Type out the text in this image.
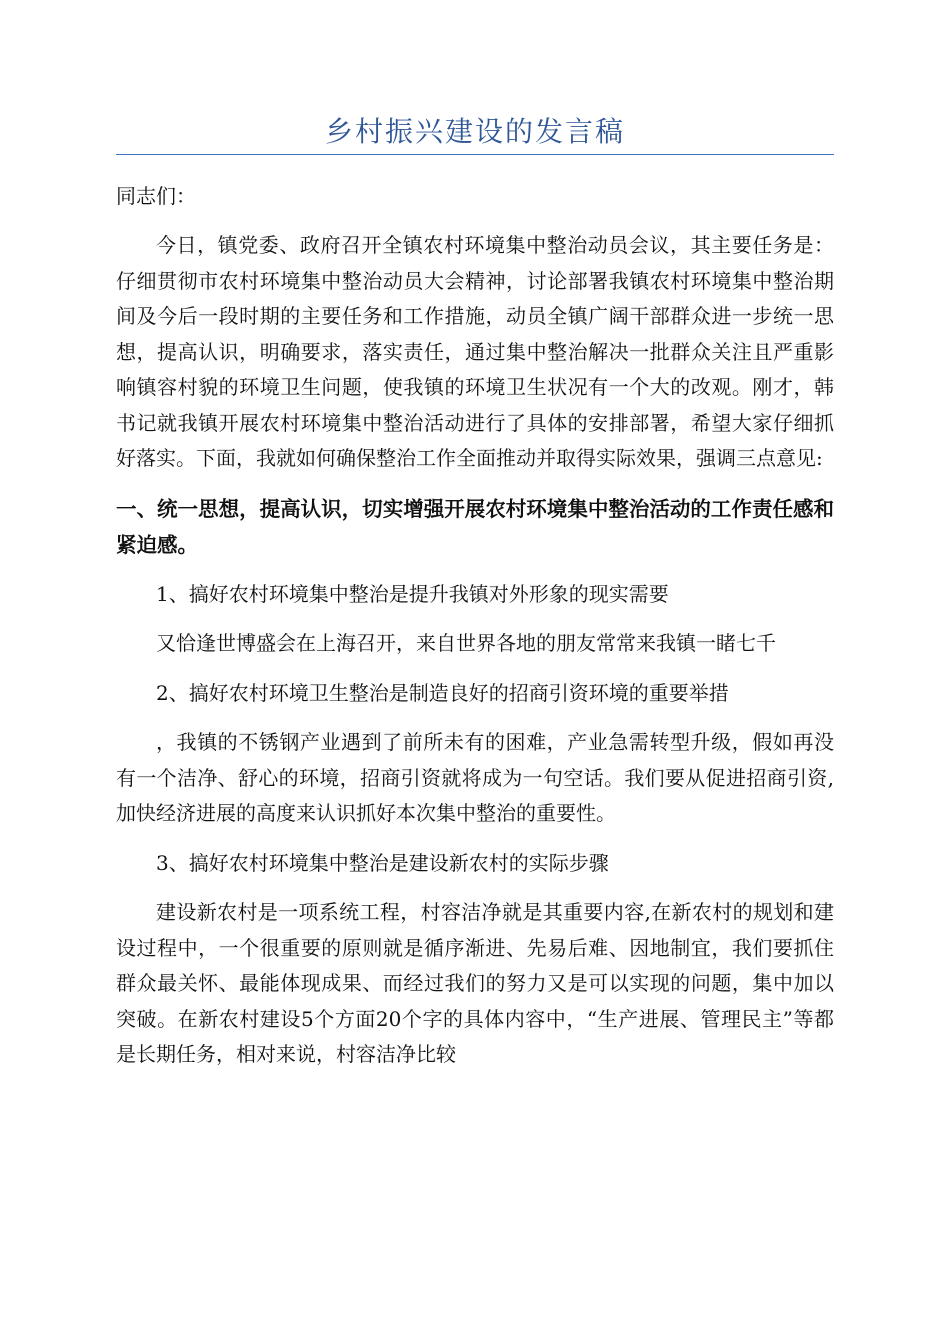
乡村振兴建设的发言稿

同志们：

今日，镇党委、政府召开全镇农村环境集中整治动员会议，其主要任务是：仔细贯彻市农村环境集中整治动员大会精神，讨论部署我镇农村环境集中整治期间及今后一段时期的主要任务和工作措施，动员全镇广阔干部群众进一步统一思想，提高认识，明确要求，落实责任，通过集中整治解决一批群众关注且严重影响镇容村貌的环境卫生问题，使我镇的环境卫生状况有一个大的改观。刚才，韩书记就我镇开展农村环境集中整治活动进行了具体的安排部署，希望大家仔细抓好落实。下面，我就如何确保整治工作全面推动并取得实际效果，强调三点意见:

一、统一思想，提高认识，切实增强开展农村环境集中整治活动的工作责任感和紧迫感。

1、搞好农村环境集中整治是提升我镇对外形象的现实需要

又恰逢世博盛会在上海召开，来自世界各地的朋友常常来我镇一睹七千

2、搞好农村环境卫生整治是制造良好的招商引资环境的重要举措

，我镇的不锈钢产业遇到了前所未有的困难，产业急需转型升级，假如再没有一个洁净、舒心的环境，招商引资就将成为一句空话。我们要从促进招商引资,加快经济进展的高度来认识抓好本次集中整治的重要性。

3、搞好农村环境集中整治是建设新农村的实际步骤

建设新农村是一项系统工程，村容洁净就是其重要内容,在新农村的规划和建设过程中，一个很重要的原则就是循序渐进、先易后难、因地制宜，我们要抓住群众最关怀、最能体现成果、而经过我们的努力又是可以实现的问题，集中加以突破。在新农村建设5个方面20个字的具体内容中，“生产进展、管理民主”等都是长期任务，相对来说，村容洁净比较
